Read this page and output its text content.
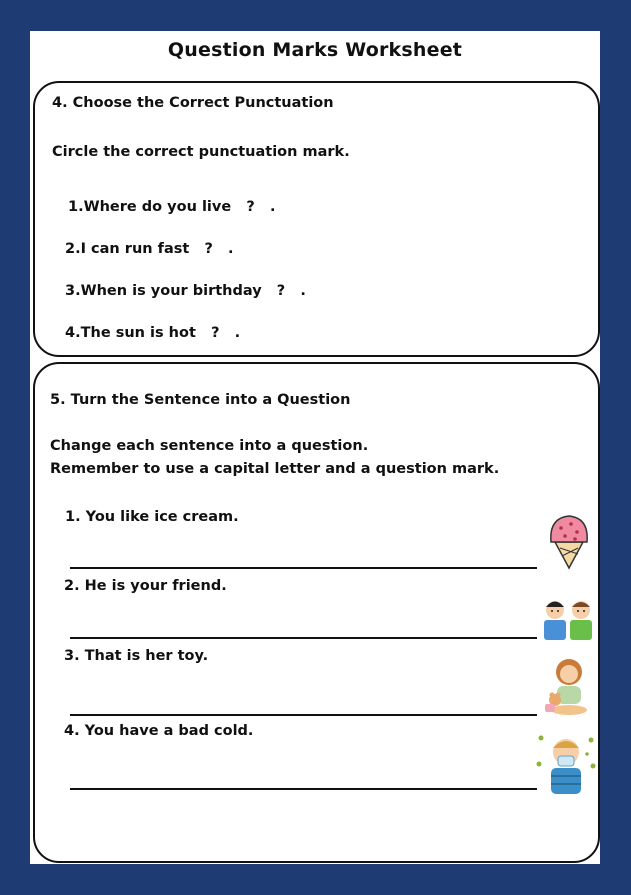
Question Marks Worksheet
4. Choose the Correct Punctuation
Circle the correct punctuation mark.
1.Where do you live ? .
2.I can run fast ? .
3.When is your birthday ? .
4.The sun is hot ? .
5. Turn the Sentence into a Question
Change each sentence into a question.
Remember to use a capital letter and a question mark.
1. You like ice cream.
2. He is your friend.
3. That is her toy.
4. You have a bad cold.
